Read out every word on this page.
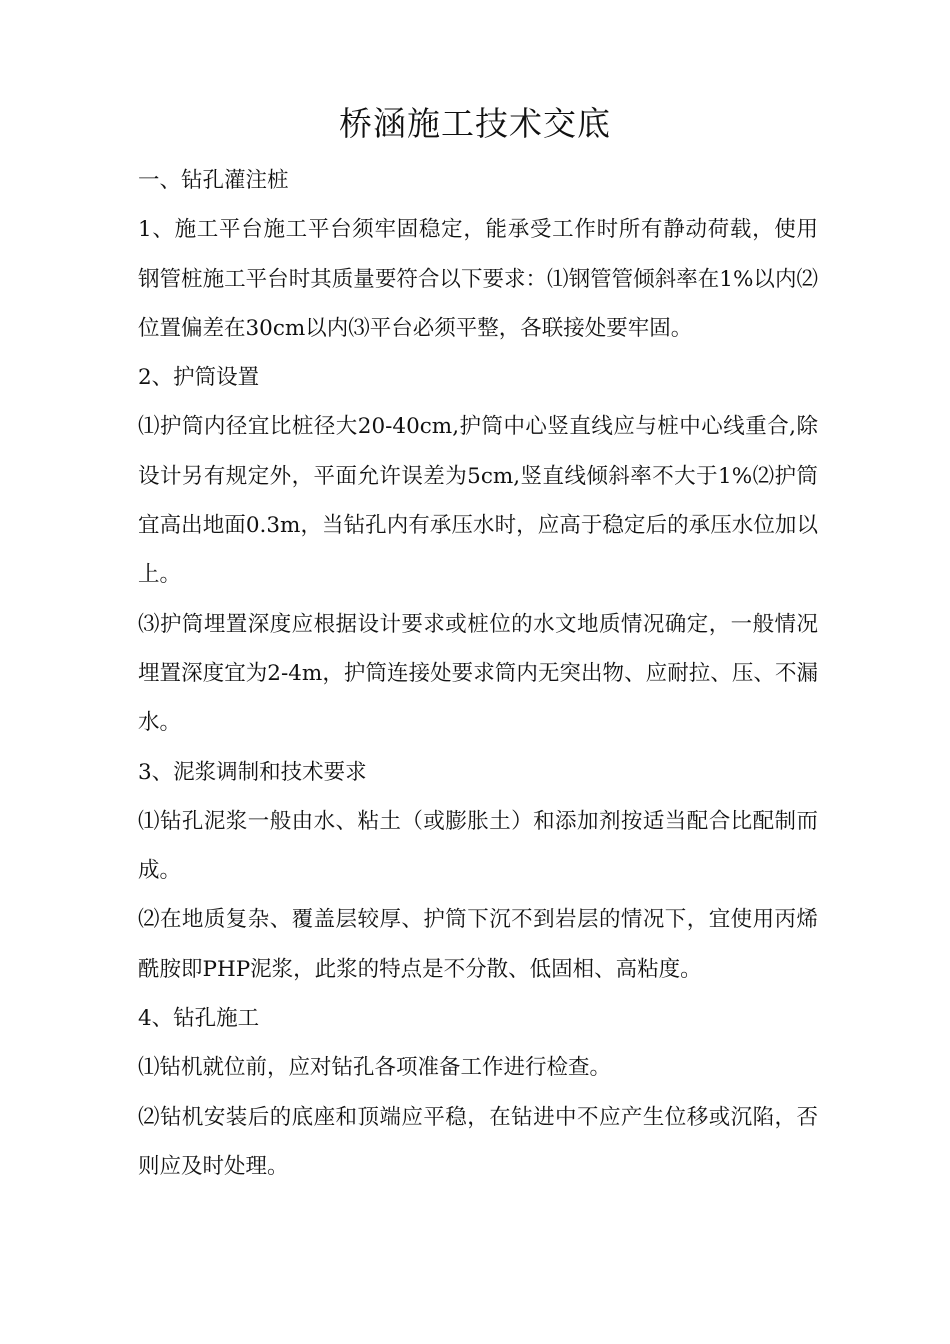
桥涵施工技术交底

一、钻孔灌注桩

1、施工平台施工平台须牢固稳定，能承受工作时所有静动荷载，使用钢管桩施工平台时其质量要符合以下要求：⑴钢管管倾斜率在1%以内⑵位置偏差在30cm以内⑶平台必须平整，各联接处要牢固。

2、护筒设置

⑴护筒内径宜比桩径大20-40cm,护筒中心竖直线应与桩中心线重合,除设计另有规定外，平面允许误差为5cm,竖直线倾斜率不大于1%⑵护筒宜高出地面0.3m，当钻孔内有承压水时，应高于稳定后的承压水位加以上。

⑶护筒埋置深度应根据设计要求或桩位的水文地质情况确定，一般情况埋置深度宜为2-4m，护筒连接处要求筒内无突出物、应耐拉、压、不漏水。

3、泥浆调制和技术要求

⑴钻孔泥浆一般由水、粘土（或膨胀土）和添加剂按适当配合比配制而成。

⑵在地质复杂、覆盖层较厚、护筒下沉不到岩层的情况下，宜使用丙烯酰胺即PHP泥浆，此浆的特点是不分散、低固相、高粘度。

4、钻孔施工

⑴钻机就位前，应对钻孔各项准备工作进行检查。

⑵钻机安装后的底座和顶端应平稳，在钻进中不应产生位移或沉陷，否则应及时处理。
